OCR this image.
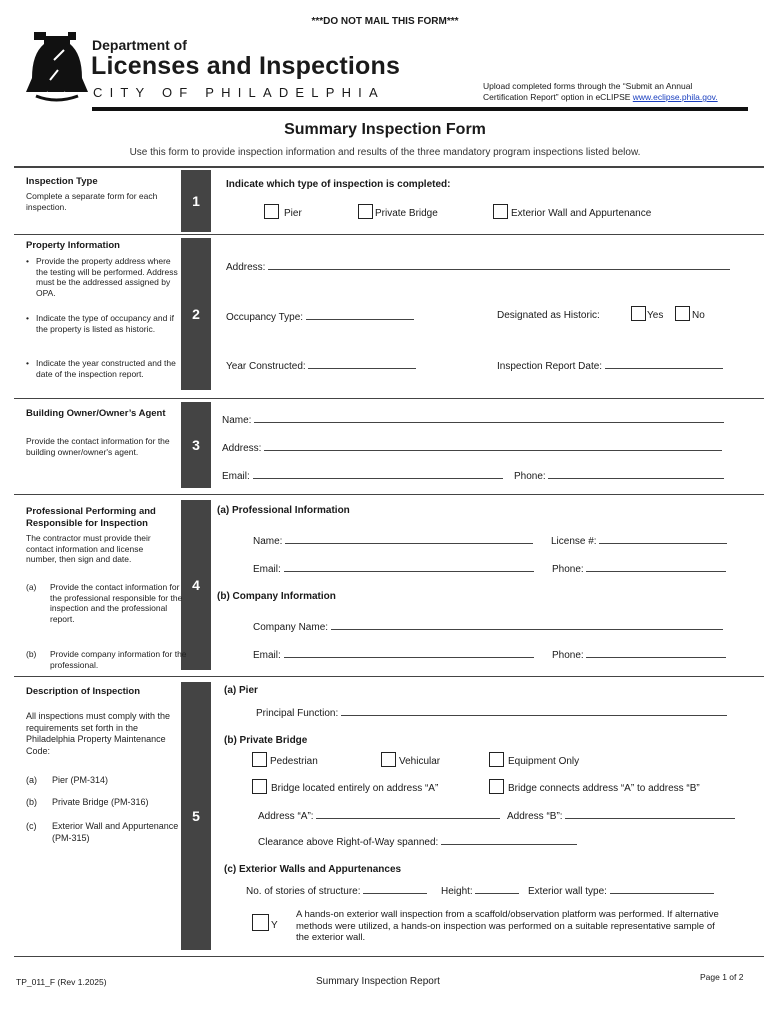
***DO NOT MAIL THIS FORM***
Department of
Licenses and Inspections
CITY OF PHILADELPHIA	Upload completed forms through the “Submit an Annual
Certification Report” option in eCLIPSE www.eclipse.phila.gov.
Summary Inspection Form
Use this form to provide inspection information and results of the three mandatory program inspections listed below.
1
Inspection Type
Complete a separate form for each inspection.
Indicate which type of inspection is completed:
Pier	Private Bridge	Exterior Wall and Appurtenance
2
Property Information
• Provide the property address where the testing will be performed. Address must be the addressed assigned by OPA.
• Indicate the type of occupancy and if the property is listed as historic.
• Indicate the year constructed and the date of the inspection report.
Address:
Occupancy Type:	Designated as Historic:	Yes	No
Year Constructed:	Inspection Report Date:
3
Building Owner/Owner’s Agent
Provide the contact information for the building owner/owner's agent.
Name:
Address:
Email:	Phone:
4
Professional Performing and Responsible for Inspection
The contractor must provide their contact information and license number, then sign and date.
(a) Provide the contact information for the professional responsible for the inspection and the professional report.
(b) Provide company information for the professional.
(a) Professional Information
Name:	License #:
Email:	Phone:
(b) Company Information
Company Name:
Email:	Phone:
5
Description of Inspection
All inspections must comply with the requirements set forth in the Philadelphia Property Maintenance Code:
(a) Pier (PM-314)
(b) Private Bridge (PM-316)
(c) Exterior Wall and Appurtenance (PM-315)
(a) Pier
Principal Function:
(b) Private Bridge
Pedestrian	Vehicular	Equipment Only
Bridge located entirely on address “A”	Bridge connects address “A” to address “B”
Address “A”:	Address “B”:
Clearance above Right-of-Way spanned:
(c) Exterior Walls and Appurtenances
No. of stories of structure:	Height:	Exterior wall type:
Y
A hands-on exterior wall inspection from a scaffold/observation platform was performed. If alternative methods were utilized, a hands-on inspection was performed on a suitable representative sample of the exterior wall.
TP_011_F (Rev 1.2025)	Summary Inspection Report	Page 1 of 2
